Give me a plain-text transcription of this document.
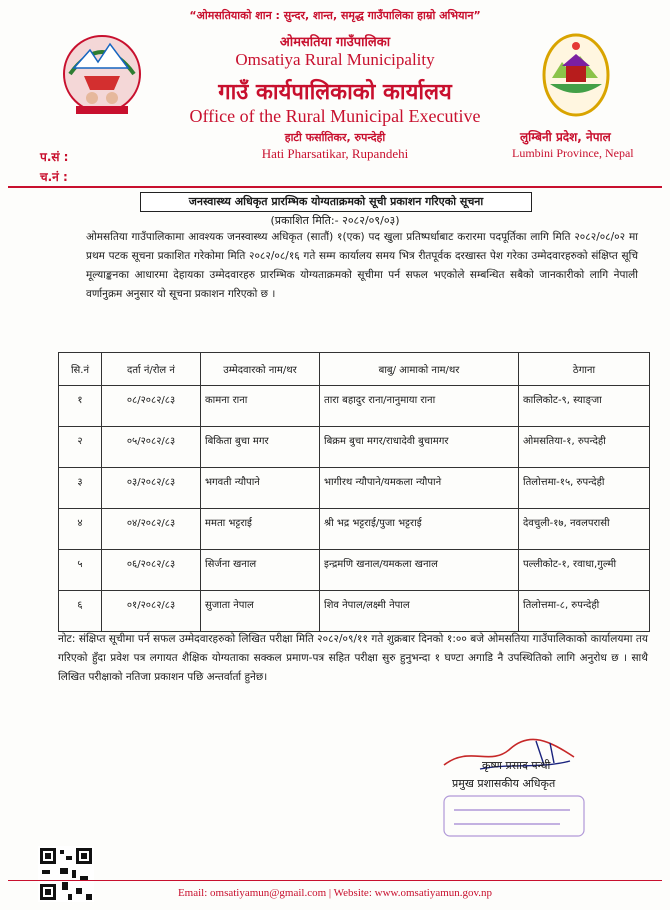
“ओमसतियाको शान : सुन्दर, शान्त, समृद्ध गाउँपालिका हाम्रो अभियान”
ओमसतिया गाउँपालिका
Omsatiya Rural Municipality
गाउँ कार्यपालिकाको कार्यालय
Office of the Rural Municipal Executive
हाटी फर्सातिकर, रुपन्देही
Hati Pharsatikar, Rupandehi
लुम्बिनी प्रदेश, नेपाल
Lumbini Province, Nepal
प.सं :
च.नं :
जनस्वास्थ्य अधिकृत प्रारम्भिक योग्यताक्रमको सूची प्रकाशन गरिएको सूचना
(प्रकाशित मिति:- २०८२/०९/०३)
ओमसतिया गाउँपालिकामा आवश्यक जनस्वास्थ्य अधिकृत (सातौं) १(एक) पद खुला प्रतिष्पर्धाबाट करारमा पदपूर्तिका लागि मिति २०८२/०८/०२ मा प्रथम पटक सूचना प्रकाशित गरेकोमा मिति २०८२/०८/१६ गते सम्म कार्यालय समय भित्र रीतपूर्वक दरखास्त पेश गरेका उम्मेदवारहरुको संक्षिप्त सूचि मूल्याङ्कनका आधारमा देहायका उम्मेदवारहरु प्रारम्भिक योग्यताक्रमको सूचीमा पर्न सफल भएकोले सम्बन्धित सबैको जानकारीको लागि नेपाली वर्णानुक्रम अनुसार यो सूचना प्रकाशन गरिएको छ ।
सि.नं	दर्ता नं/रोल नं	उम्मेदवारको नाम/थर	बाबु/ आमाको नाम/थर	ठेगाना
१	०८/२०८२/८३	कामना राना	तारा बहादुर राना/नानुमाया राना	कालिकोट-९, स्याङ्जा
२	०५/२०८२/८३	बिकिता बुचा मगर	बिक्रम बुचा मगर/राधादेवी बुचामगर	ओमसतिया-१, रुपन्देही
३	०३/२०८२/८३	भगवती न्यौपाने	भागीरथ न्यौपाने/यमकला न्यौपाने	तिलोत्तमा-१५, रुपन्देही
४	०४/२०८२/८३	ममता भट्टराई	श्री भद्र भट्टराई/पुजा भट्टराई	देवचुली-१७, नवलपरासी
५	०६/२०८२/८३	सिर्जना खनाल	इन्द्रमणि खनाल/यमकला खनाल	पल्लीकोट-१, रवाधा,गुल्मी
६	०१/२०८२/८३	सुजाता नेपाल	शिव नेपाल/लक्ष्मी नेपाल	तिलोत्तमा-८, रुपन्देही
नोट: संक्षिप्त सूचीमा पर्न सफल उम्मेदवारहरुको लिखित परीक्षा मिति २०८२/०९/११ गते शुक्रबार दिनको १:०० बजे ओमसतिया गाउँपालिकाको कार्यालयमा तय गरिएको हुँदा प्रवेश पत्र लगायत शैक्षिक योग्यताका सक्कल प्रमाण-पत्र सहित परीक्षा सुरु हुनुभन्दा १ घण्टा अगाडि नै उपस्थितिको लागि अनुरोध छ । साथै लिखित परीक्षाको नतिजा प्रकाशन पछि अन्तर्वार्ता हुनेछ।
कृष्ण प्रसाद पन्थी
प्रमुख प्रशासकीय अधिकृत
Email: omsatiyamun@gmail.com | Website: www.omsatiyamun.gov.np
